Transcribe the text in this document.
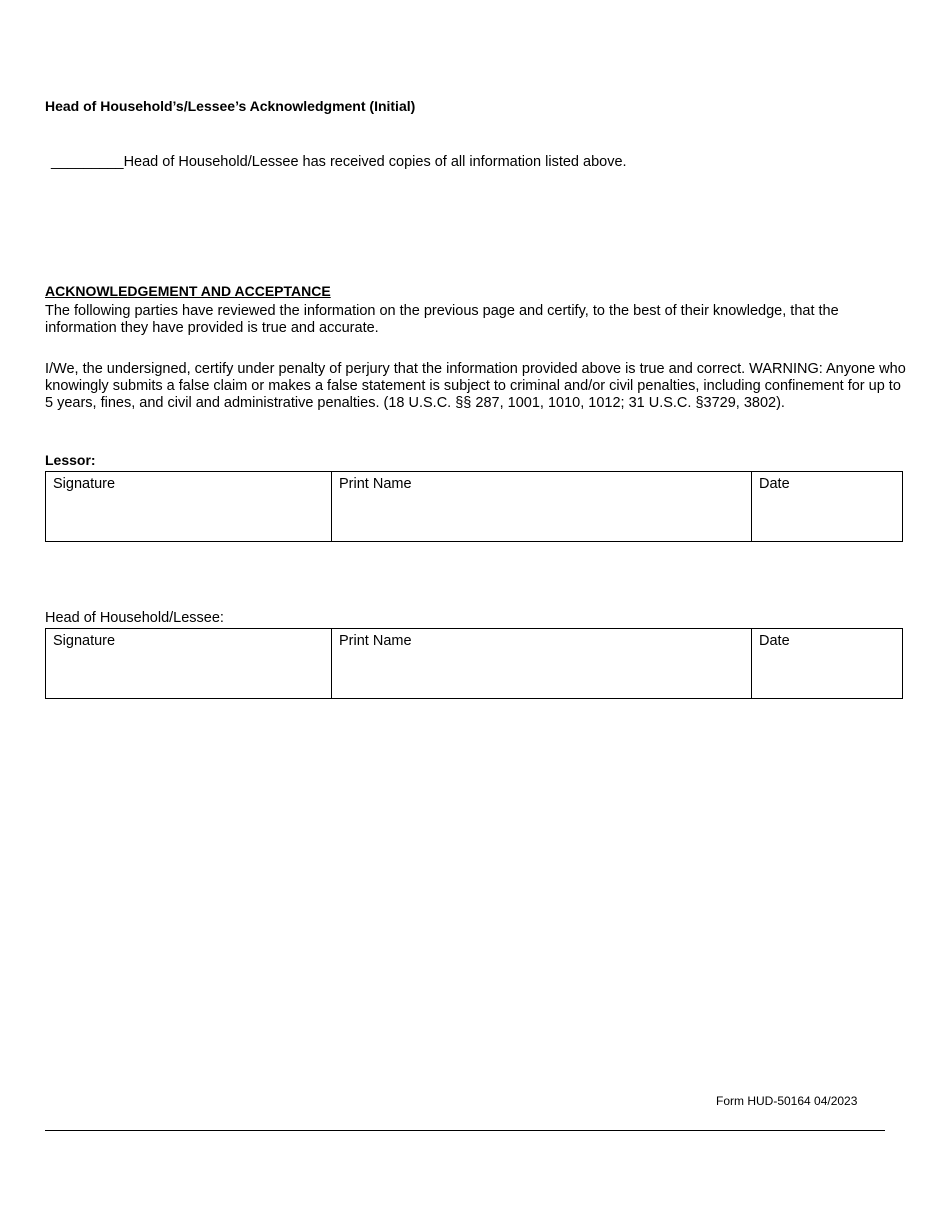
Head of Household’s/Lessee’s Acknowledgment (Initial)
_________Head of Household/Lessee has received copies of all information listed above.
ACKNOWLEDGEMENT AND ACCEPTANCE
The following parties have reviewed the information on the previous page and certify, to the best of their knowledge, that the information they have provided is true and accurate.
I/We, the undersigned, certify under penalty of perjury that the information provided above is true and correct. WARNING: Anyone who knowingly submits a false claim or makes a false statement is subject to criminal and/or civil penalties, including confinement for up to 5 years, fines, and civil and administrative penalties. (18 U.S.C. §§ 287, 1001, 1010, 1012; 31 U.S.C. §3729, 3802).
Lessor:
Signature	Print Name	Date
Head of Household/Lessee:
Signature	Print Name	Date
Form HUD-50164 04/2023
